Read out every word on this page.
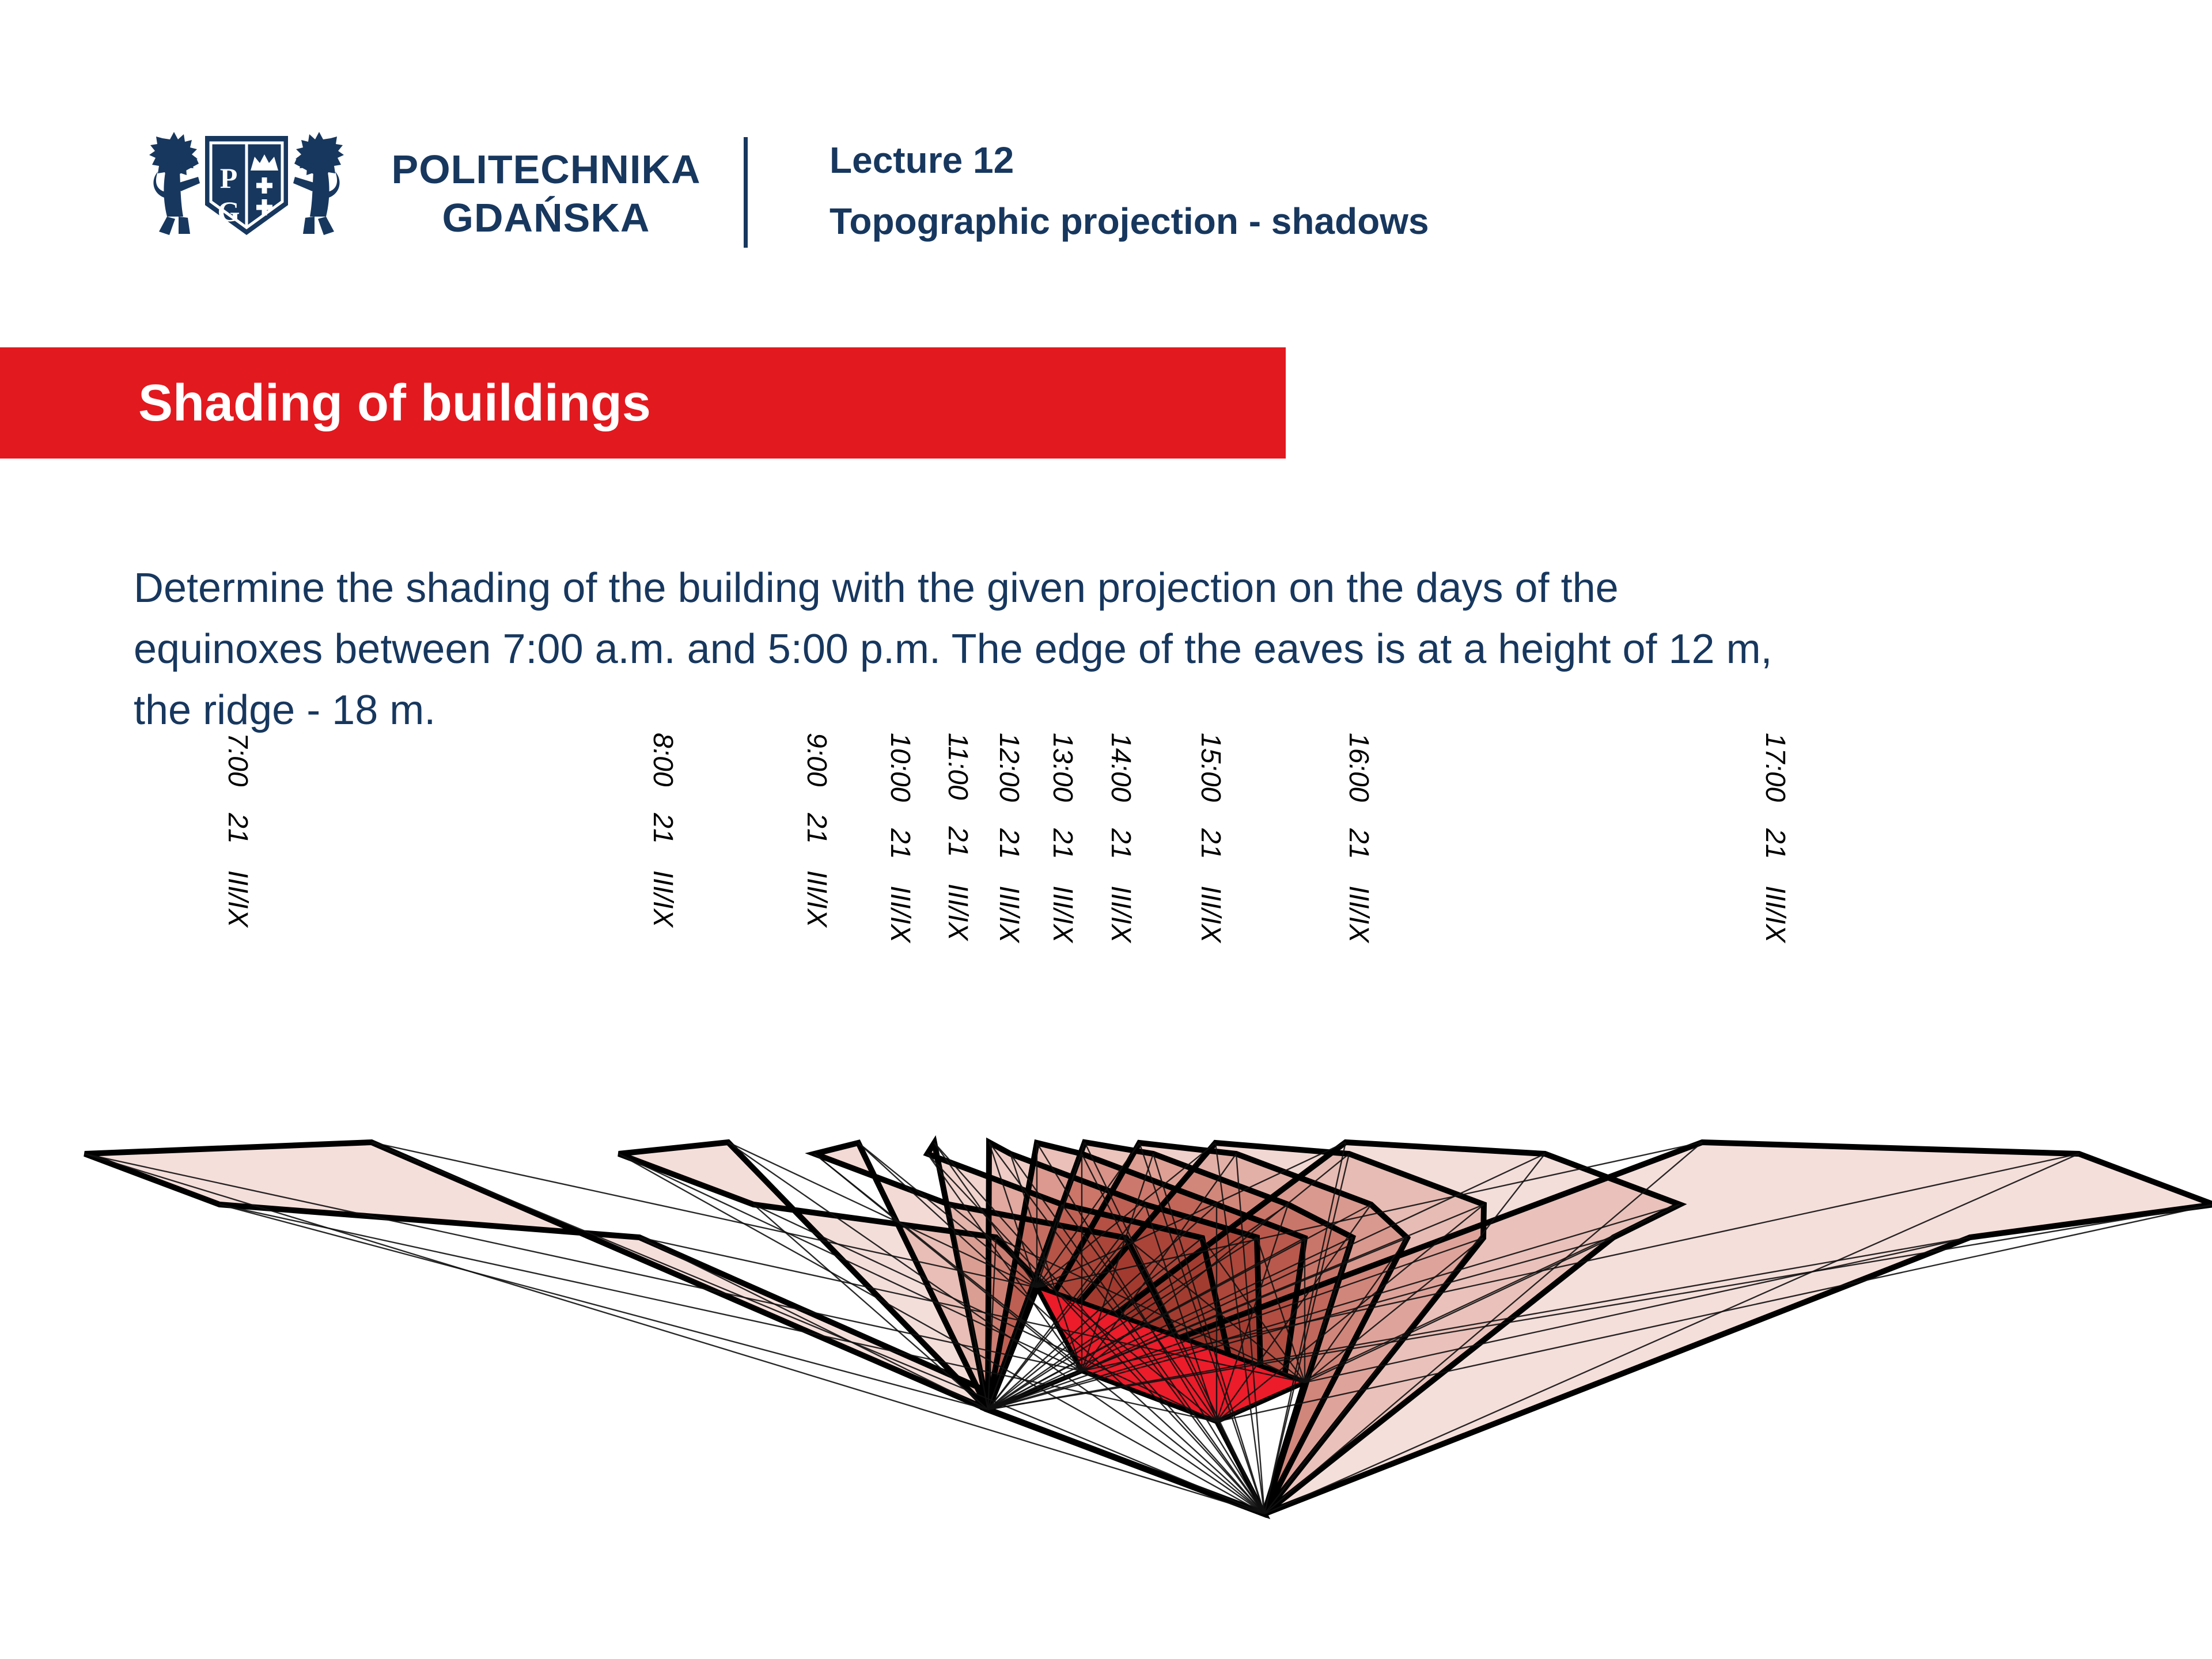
P
G
POLITECHNIKA
GDAŃSKA
Lecture 12
Topographic projection - shadows
Shading of buildings
Determine the shading of the building with the given projection on the days of the
equinoxes between 7:00 a.m. and 5:00 p.m. The edge of the eaves is at a height of 12 m,
the ridge - 18 m.
7:0021III/IX
8:0021III/IX
9:0021III/IX
10:0021III/IX
11:0021III/IX
12:0021III/IX
13:0021III/IX
14:0021III/IX
15:0021III/IX
16:0021III/IX
17:0021III/IX
